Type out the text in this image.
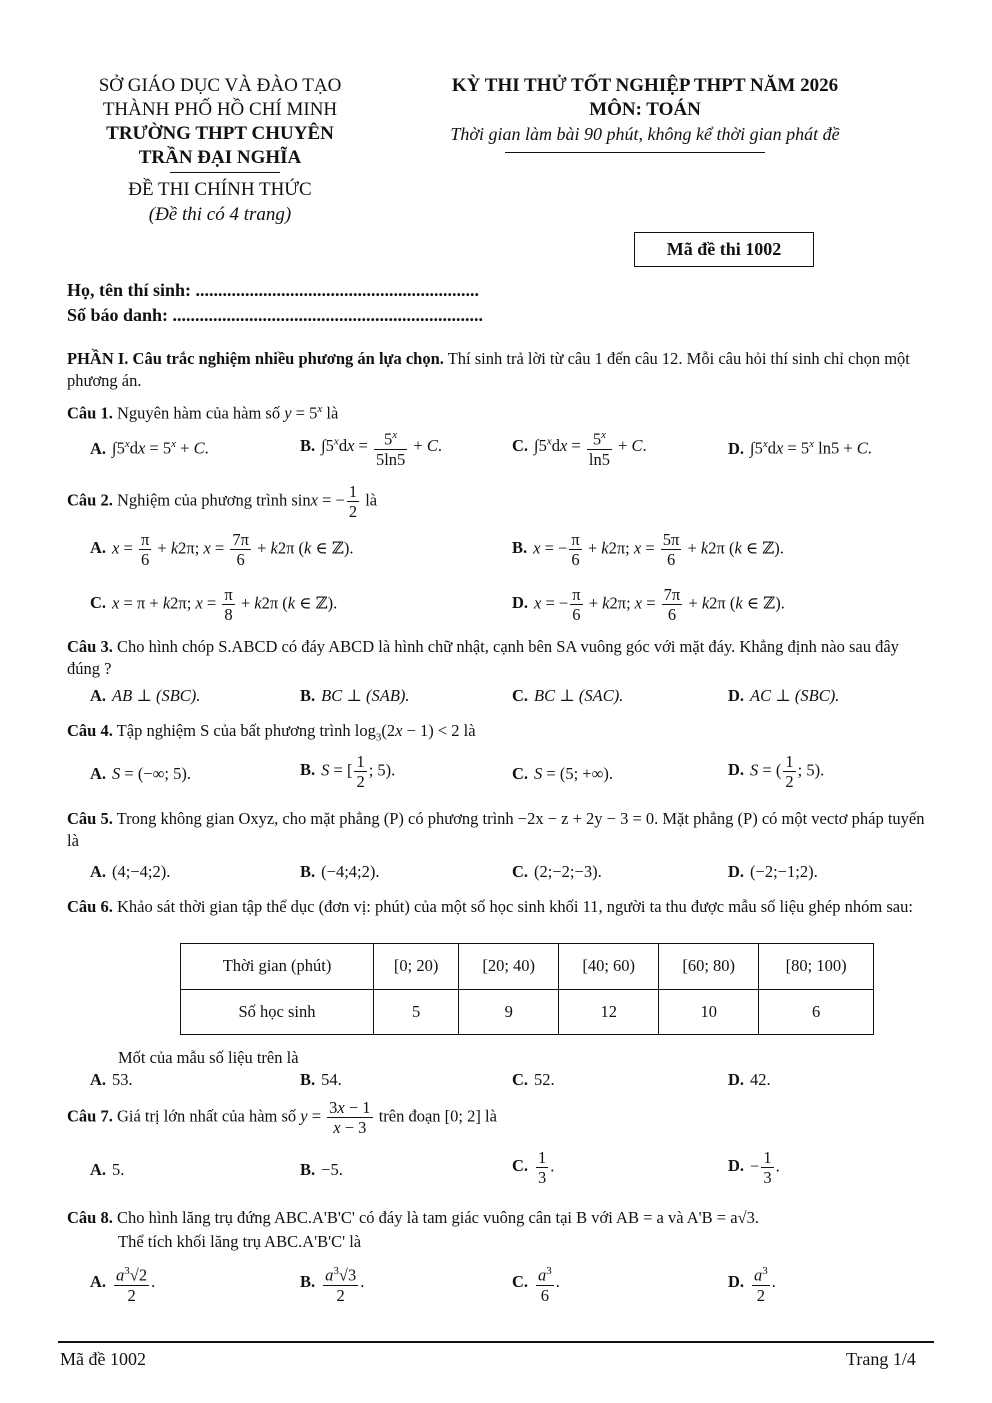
SỞ GIÁO DỤC VÀ ĐÀO TẠO
THÀNH PHỐ HỒ CHÍ MINH
TRƯỜNG THPT CHUYÊN
TRẦN ĐẠI NGHĨA
ĐỀ THI CHÍNH THỨC
(Đề thi có 4 trang)
KỲ THI THỬ TỐT NGHIỆP THPT NĂM 2026
MÔN: TOÁN
Thời gian làm bài 90 phút, không kể thời gian phát đề
Mã đề thi 1002
Họ, tên thí sinh: ...............................................................
Số báo danh: .....................................................................
PHẦN I. Câu trắc nghiệm nhiều phương án lựa chọn. Thí sinh trả lời từ câu 1 đến câu 12. Mỗi câu hỏi thí sinh chỉ chọn một phương án.
Câu 1. Nguyên hàm của hàm số $y = 5^x$ là
A. $\int 5^xdx = 5^x + C$.	B. $\int 5^xdx = \frac{5^x}{5\ln 5} + C$.	C. $\int 5^xdx = \frac{5^x}{\ln 5} + C$.	D. $\int 5^xdx = 5^x$ ln5 + C.
Câu 2. Nghiệm của phương trình sinx = − $\frac{1}{2}$ là
A. $x = \frac{\pi}{6} + k2\pi$; $x = \frac{7\pi}{6} + k2\pi$ (k ∈ ℤ).	B. x = − $\frac{\pi}{6} + k2\pi$; $x = \frac{5\pi}{6} + k2\pi$ (k ∈ ℤ).
C. x = π + k2π; $x = \frac{\pi}{8} + k2\pi$ (k ∈ ℤ).	D. x = − $\frac{\pi}{6} + k2\pi$; $x = \frac{7\pi}{6} + k2\pi$ (k ∈ ℤ).
Câu 3. Cho hình chóp S.ABCD có đáy ABCD là hình chữ nhật, cạnh bên SA vuông góc với mặt đáy. Khẳng định nào sau đây đúng ?
A. AB ⊥ (SBC).	B. BC ⊥ (SAB).	C. BC ⊥ (SAC).	D. AC ⊥ (SBC).
Câu 4. Tập nghiệm S của bất phương trình $\log_3(2x - 1) < 2$ là
A. S = (−∞; 5).	B. S = [ $\frac{1}{2}$ ; 5).	C. S = (5; +∞).	D. S = ( $\frac{1}{2}$ ; 5).
Câu 5. Trong không gian Oxyz, cho mặt phẳng (P) có phương trình −2x − z + 2y − 3 = 0. Mặt phẳng (P) có một vectơ pháp tuyến là
A. (4;−4;2).	B. (−4;4;2).	C. (2;−2;−3).	D. (−2;−1;2).
Câu 6. Khảo sát thời gian tập thể dục (đơn vị: phút) của một số học sinh khối 11, người ta thu được mẫu số liệu ghép nhóm sau:
Thời gian (phút)	[0; 20)	[20; 40)	[40; 60)	[60; 80)	[80; 100)
Số học sinh	5	9	12	10	6
Mốt của mẫu số liệu trên là
A. 53.	B. 54.	C. 52.	D. 42.
Câu 7. Giá trị lớn nhất của hàm số $y = \frac{3x - 1}{x - 3}$ trên đoạn [0; 2] là
A. 5.	B. −5.	C. $\frac{1}{3}$ .	D. − $\frac{1}{3}$ .
Câu 8. Cho hình lăng trụ đứng ABC.A'B'C' có đáy là tam giác vuông cân tại B với AB = a và A'B = a√3.
Thể tích khối lăng trụ ABC.A'B'C' là
A. $\frac{a^3√2}{2}$ .	B. $\frac{a^3√3}{2}$ .	C. $\frac{a^3}{6}$ .	D. $\frac{a^3}{2}$ .
Mã đề 1002	Trang 1/4
